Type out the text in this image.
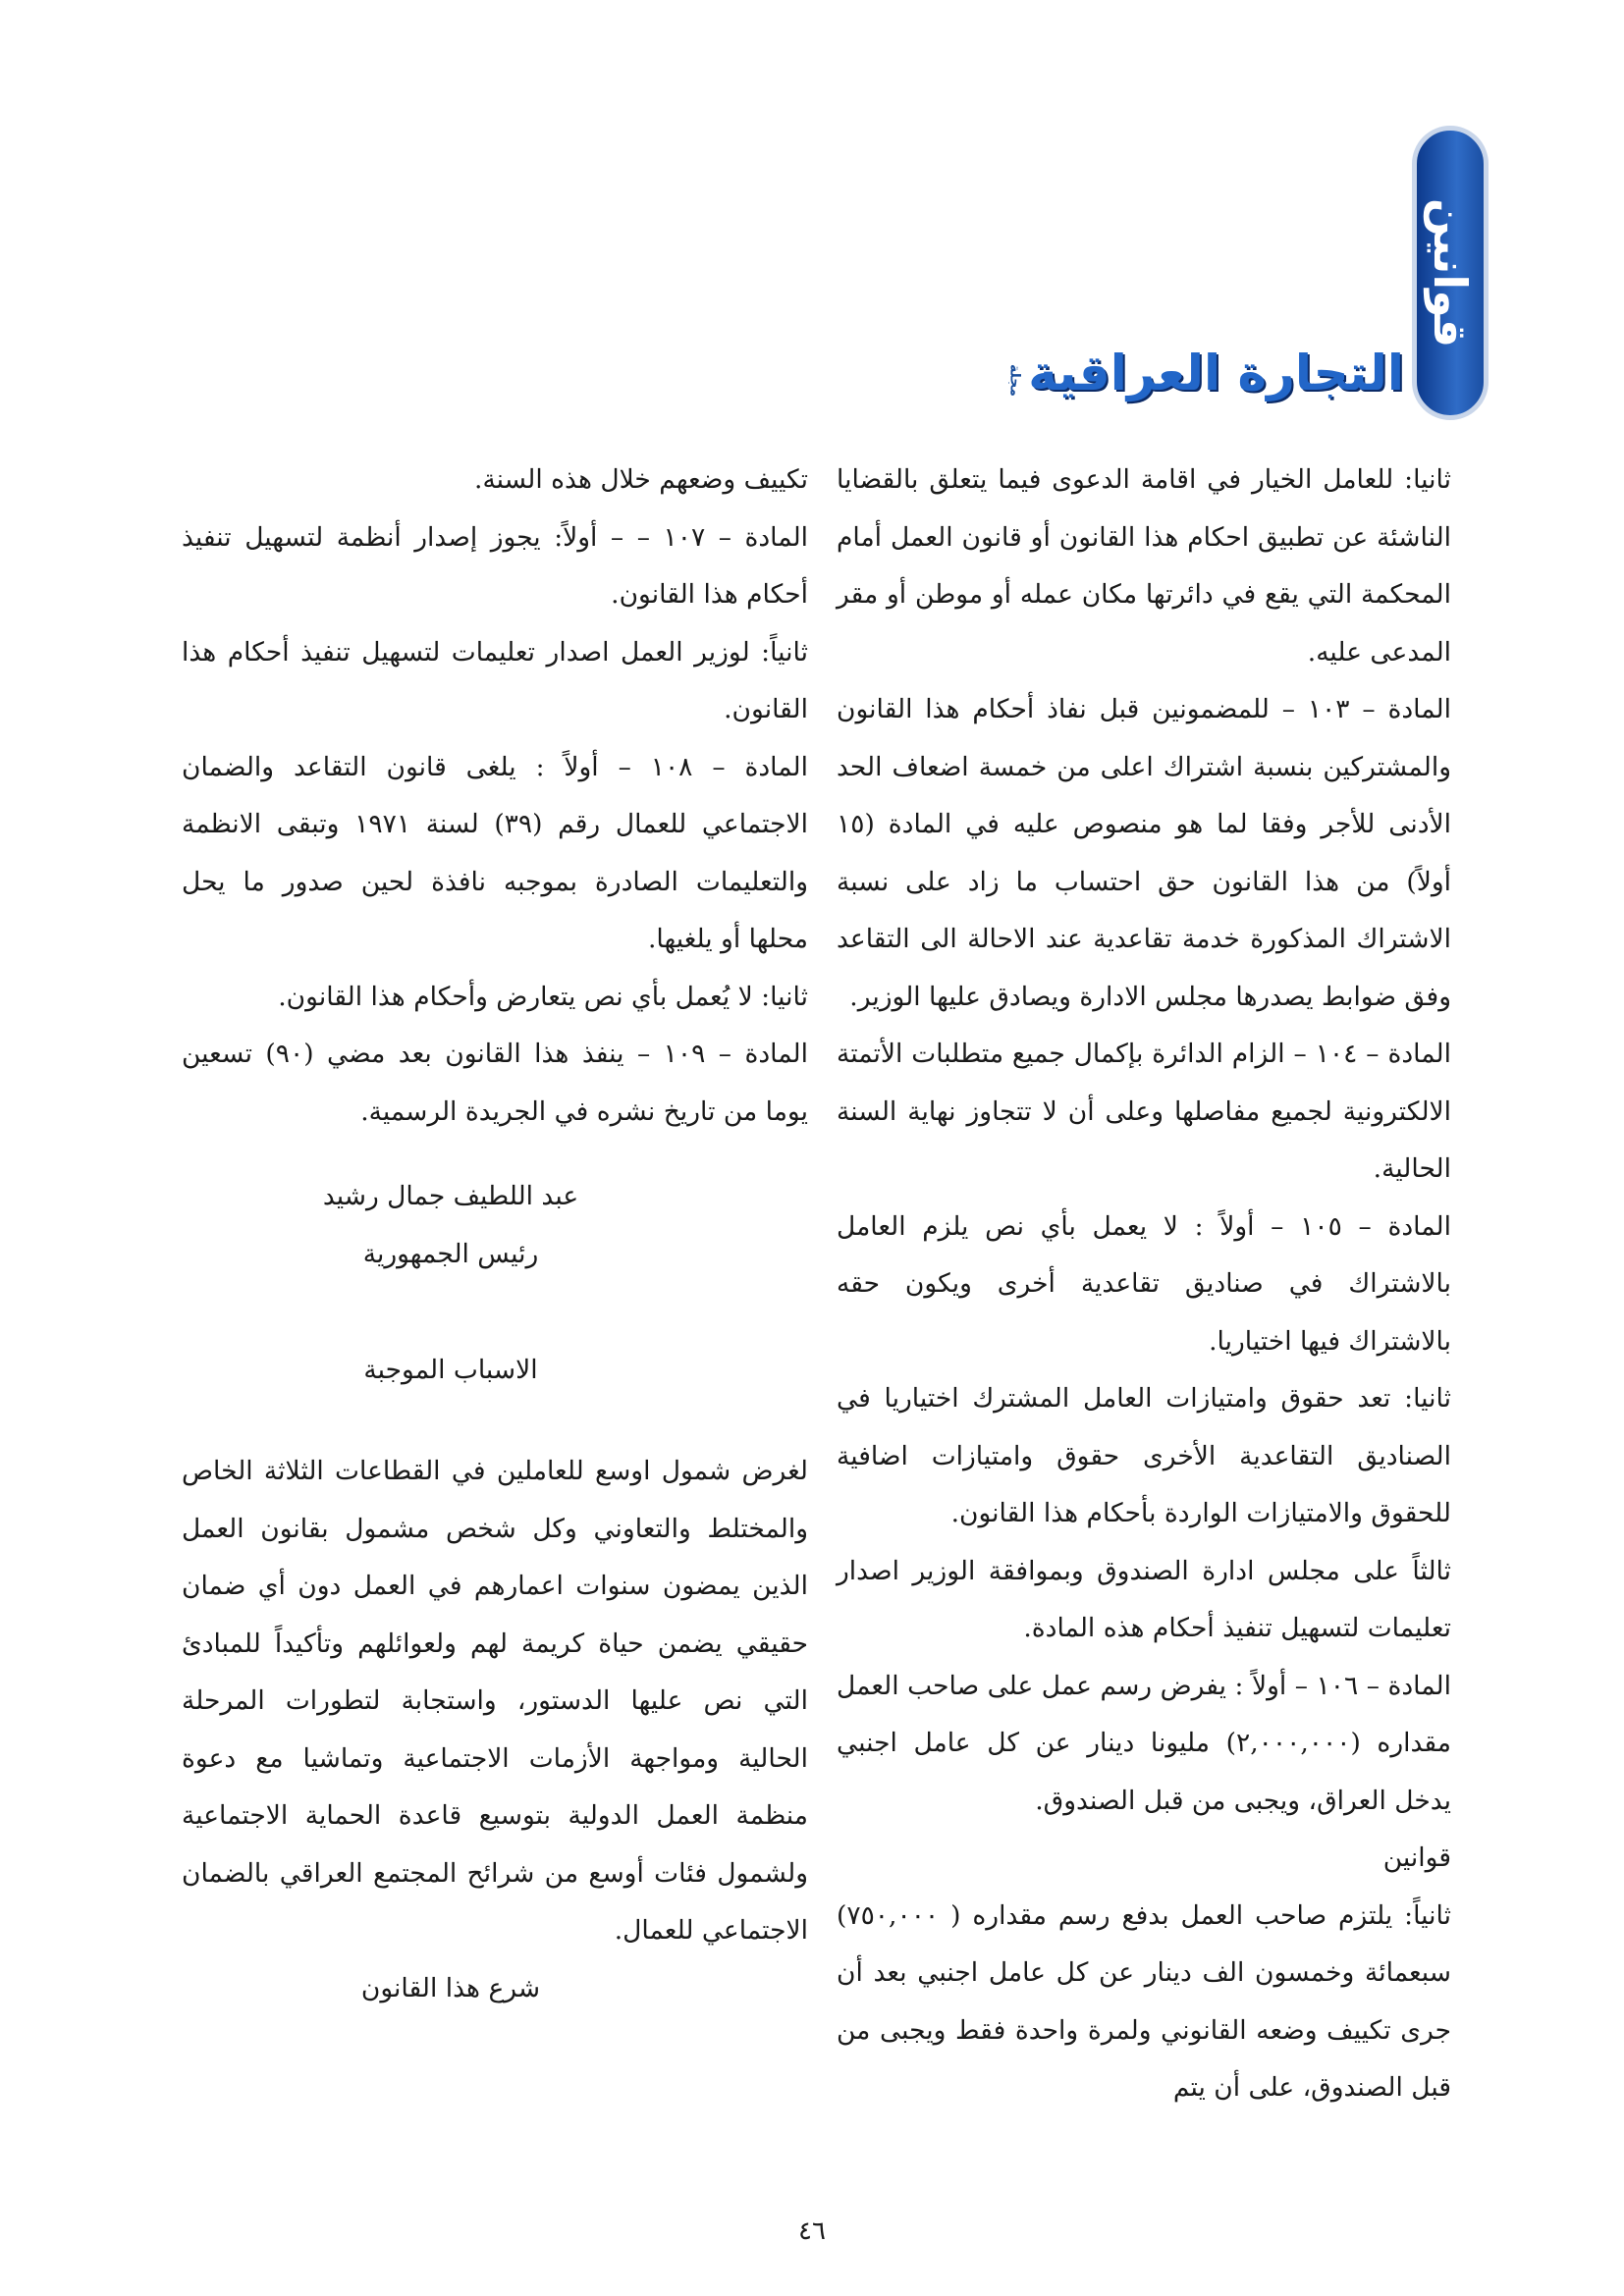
قوانين
التجارة العراقية
مجلة

ثانيا: للعامل الخيار في اقامة الدعوى فيما يتعلق بالقضايا الناشئة عن تطبيق احكام هذا القانون أو قانون العمل أمام المحكمة التي يقع في دائرتها مكان عمله أو موطن أو مقر المدعى عليه.

المادة – ١٠٣ – للمضمونين قبل نفاذ أحكام هذا القانون والمشتركين بنسبة اشتراك اعلى من خمسة اضعاف الحد الأدنى للأجر وفقا لما هو منصوص عليه في المادة (١٥ أولاً) من هذا القانون حق احتساب ما زاد على نسبة الاشتراك المذكورة خدمة تقاعدية عند الاحالة الى التقاعد وفق ضوابط يصدرها مجلس الادارة ويصادق عليها الوزير.

المادة – ١٠٤ – الزام الدائرة بإكمال جميع متطلبات الأتمتة الالكترونية لجميع مفاصلها وعلى أن لا تتجاوز نهاية السنة الحالية.

المادة – ١٠٥ – أولاً : لا يعمل بأي نص يلزم العامل بالاشتراك في صناديق تقاعدية أخرى ويكون حقه بالاشتراك فيها اختياريا.

ثانيا: تعد حقوق وامتيازات العامل المشترك اختياريا في الصناديق التقاعدية الأخرى حقوق وامتيازات اضافية للحقوق والامتيازات الواردة بأحكام هذا القانون.

ثالثاً على مجلس ادارة الصندوق وبموافقة الوزير اصدار تعليمات لتسهيل تنفيذ أحكام هذه المادة.

المادة – ١٠٦ – أولاً : يفرض رسم عمل على صاحب العمل مقداره (٢,٠٠٠,٠٠٠) مليونا دينار عن كل عامل اجنبي يدخل العراق، ويجبى من قبل الصندوق.

قوانين

ثانياً: يلتزم صاحب العمل بدفع رسم مقداره ( ٧٥٠,٠٠٠) سبعمائة وخمسون الف دينار عن كل عامل اجنبي بعد أن جرى تكييف وضعه القانوني ولمرة واحدة فقط ويجبى من قبل الصندوق، على أن يتم

تكييف وضعهم خلال هذه السنة.

المادة – ١٠٧ – – أولاً: يجوز إصدار أنظمة لتسهيل تنفيذ أحكام هذا القانون.

ثانياً: لوزير العمل اصدار تعليمات لتسهيل تنفيذ أحكام هذا القانون.

المادة – ١٠٨ – أولاً : يلغى قانون التقاعد والضمان الاجتماعي للعمال رقم (٣٩) لسنة ١٩٧١ وتبقى الانظمة والتعليمات الصادرة بموجبه نافذة لحين صدور ما يحل محلها أو يلغيها.

ثانيا: لا يُعمل بأي نص يتعارض وأحكام هذا القانون.

المادة – ١٠٩ – ينفذ هذا القانون بعد مضي (٩٠) تسعين يوما من تاريخ نشره في الجريدة الرسمية.

عبد اللطيف جمال رشيد

رئيس الجمهورية

الاسباب الموجبة

لغرض شمول اوسع للعاملين في القطاعات الثلاثة الخاص والمختلط والتعاوني وكل شخص مشمول بقانون العمل الذين يمضون سنوات اعمارهم في العمل دون أي ضمان حقيقي يضمن حياة كريمة لهم ولعوائلهم وتأكيداً للمبادئ التي نص عليها الدستور، واستجابة لتطورات المرحلة الحالية ومواجهة الأزمات الاجتماعية وتماشيا مع دعوة منظمة العمل الدولية بتوسيع قاعدة الحماية الاجتماعية ولشمول فئات أوسع من شرائح المجتمع العراقي بالضمان الاجتماعي للعمال.

شرع هذا القانون

٤٦
